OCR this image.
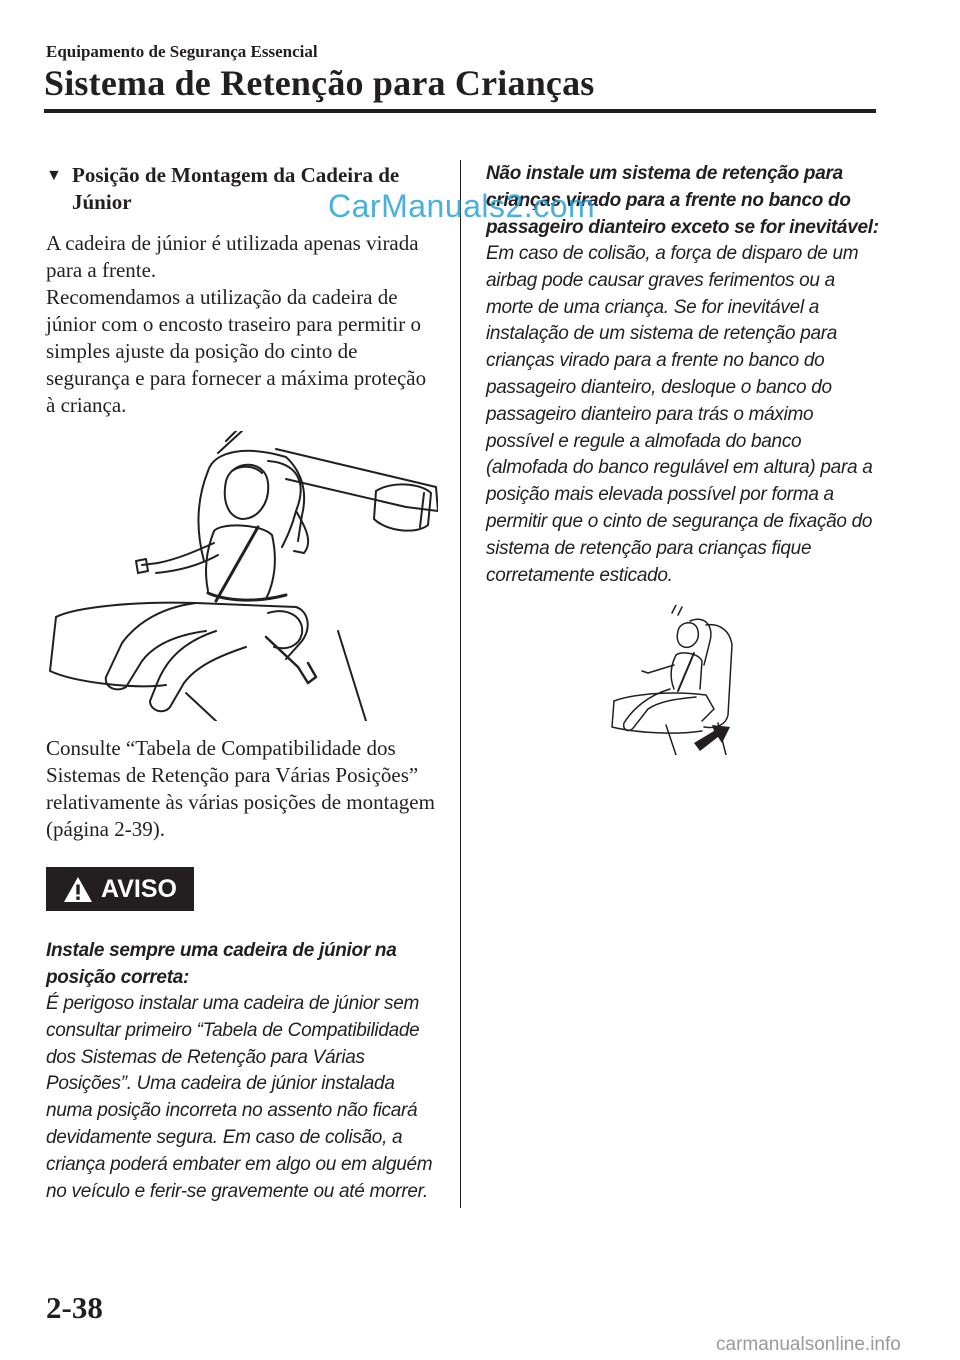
Equipamento de Segurança Essencial
Sistema de Retenção para Crianças
▼ Posição de Montagem da Cadeira de Júnior

A cadeira de júnior é utilizada apenas virada para a frente.

Recomendamos a utilização da cadeira de júnior com o encosto traseiro para permitir o simples ajuste da posição do cinto de segurança e para fornecer a máxima proteção à criança.

Consulte “Tabela de Compatibilidade dos Sistemas de Retenção para Várias Posições” relativamente às várias posições de montagem (página 2-39).

AVISO

Instale sempre uma cadeira de júnior na posição correta:

É perigoso instalar uma cadeira de júnior sem consultar primeiro “Tabela de Compatibilidade dos Sistemas de Retenção para Várias Posições”. Uma cadeira de júnior instalada numa posição incorreta no assento não ficará devidamente segura. Em caso de colisão, a criança poderá embater em algo ou em alguém no veículo e ferir-se gravemente ou até morrer.

Não instale um sistema de retenção para crianças virado para a frente no banco do passageiro dianteiro exceto se for inevitável:

Em caso de colisão, a força de disparo de um airbag pode causar graves ferimentos ou a morte de uma criança. Se for inevitável a instalação de um sistema de retenção para crianças virado para a frente no banco do passageiro dianteiro, desloque o banco do passageiro dianteiro para trás o máximo possível e regule a almofada do banco (almofada do banco regulável em altura) para a posição mais elevada possível por forma a permitir que o cinto de segurança de fixação do sistema de retenção para crianças fique corretamente esticado.

CarManuals2.com
2-38
carmanualsonline.info
